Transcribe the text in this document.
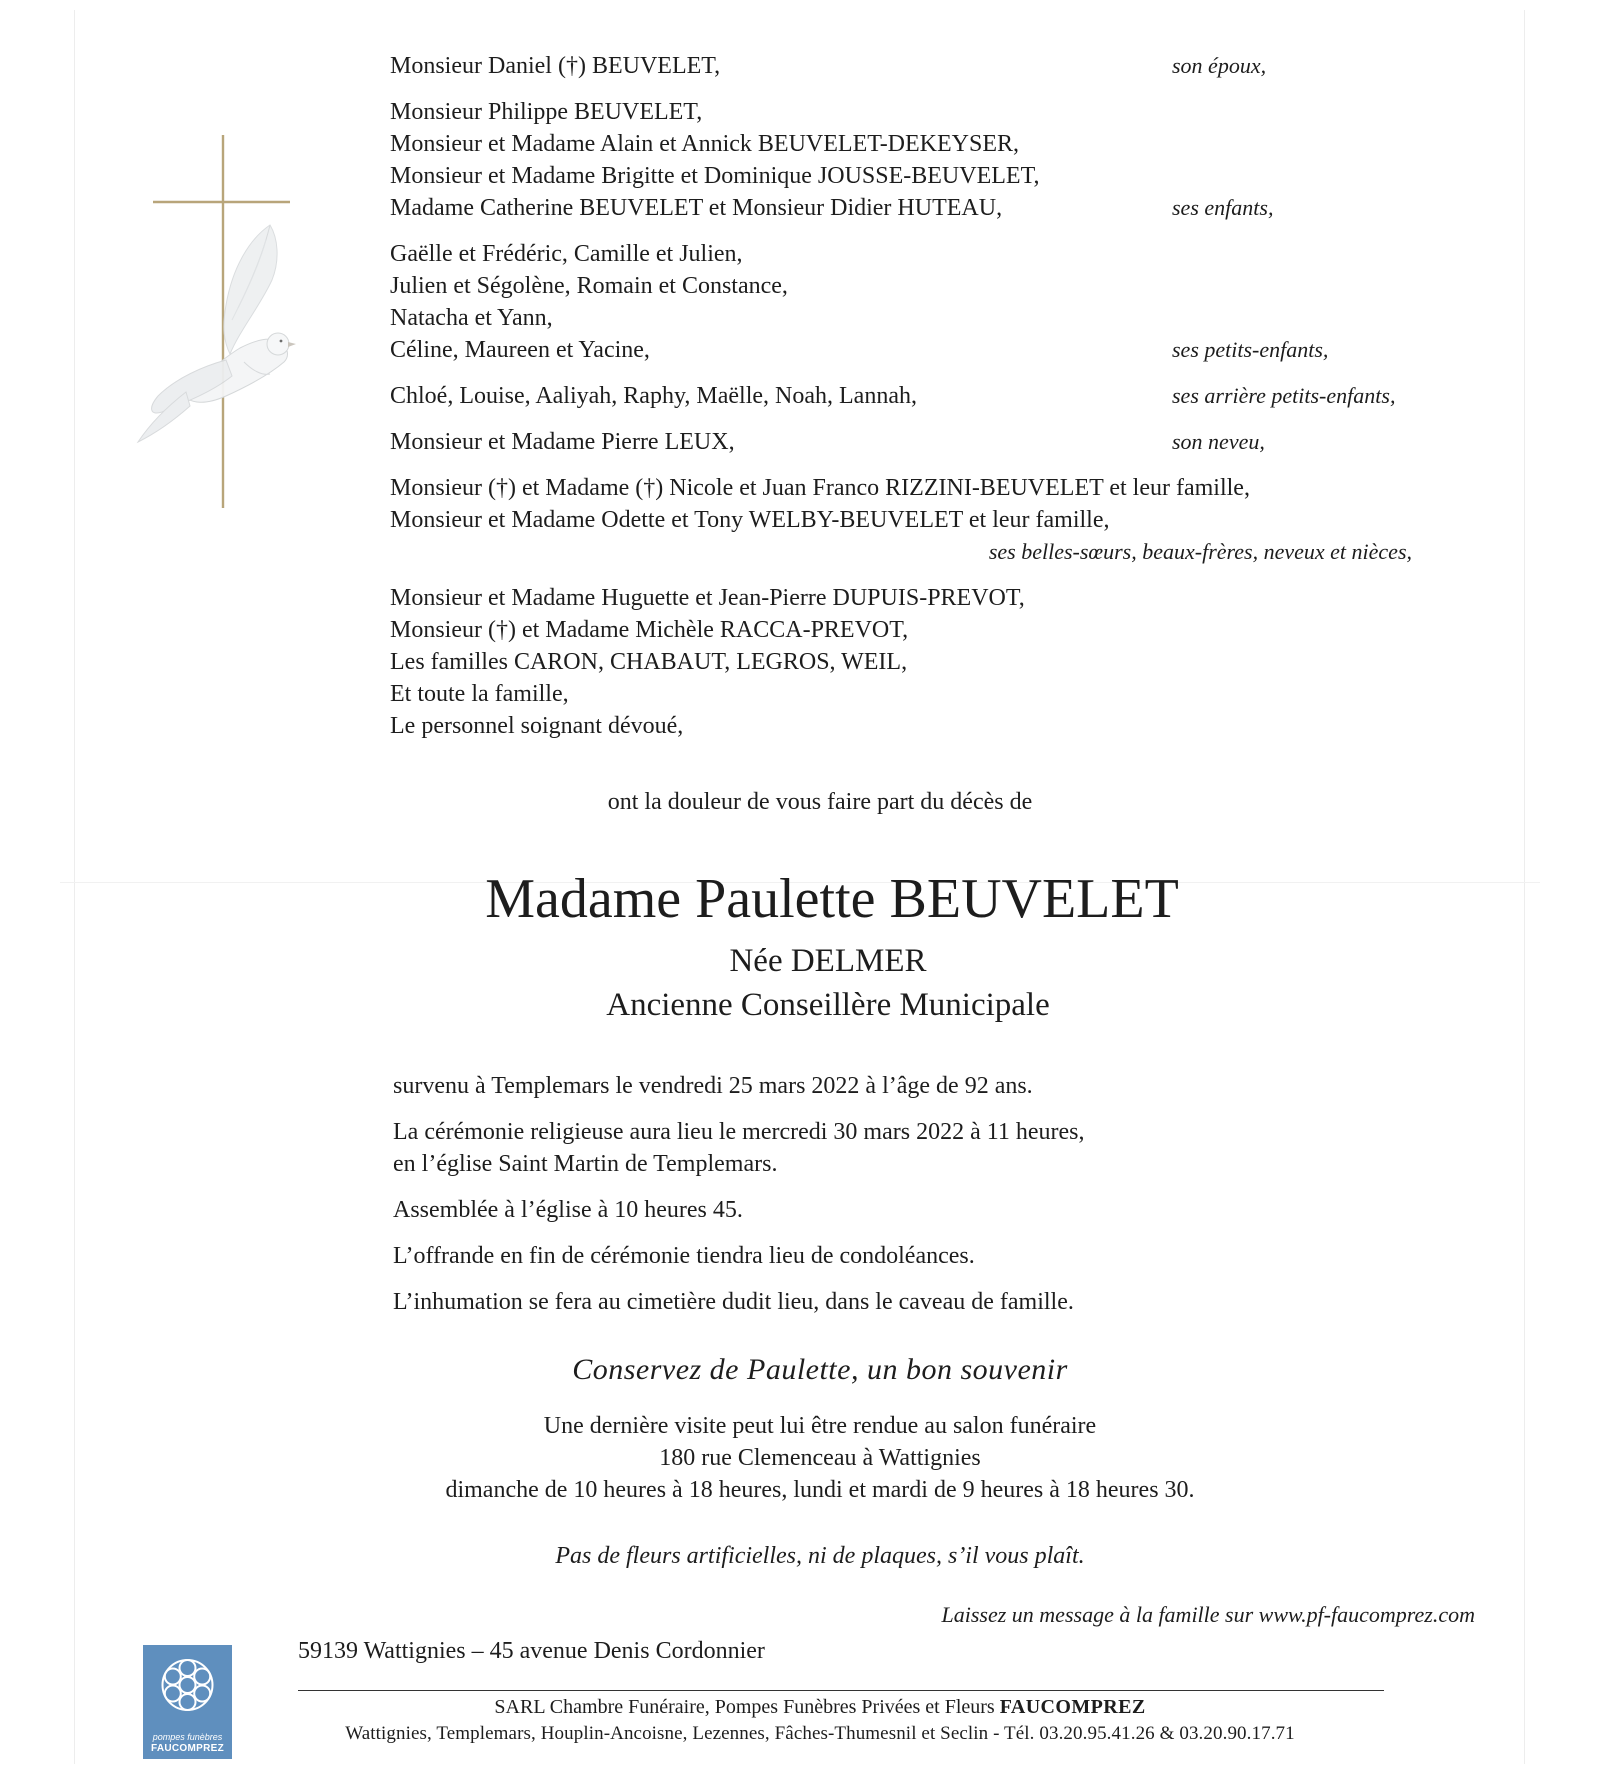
Monsieur Daniel (†) BEUVELET,	son époux,
Monsieur Philippe BEUVELET,
Monsieur et Madame Alain et Annick BEUVELET-DEKEYSER,
Monsieur et Madame Brigitte et Dominique JOUSSE-BEUVELET,
Madame Catherine BEUVELET et Monsieur Didier HUTEAU,	ses enfants,
Gaëlle et Frédéric, Camille et Julien,
Julien et Ségolène, Romain et Constance,
Natacha et Yann,
Céline, Maureen et Yacine,	ses petits-enfants,
Chloé, Louise, Aaliyah, Raphy, Maëlle, Noah, Lannah,	ses arrière petits-enfants,
Monsieur et Madame Pierre LEUX,	son neveu,
Monsieur (†) et Madame (†) Nicole et Juan Franco RIZZINI-BEUVELET et leur famille,
Monsieur et Madame Odette et Tony WELBY-BEUVELET et leur famille,
ses belles-sœurs, beaux-frères, neveux et nièces,
Monsieur et Madame Huguette et Jean-Pierre DUPUIS-PREVOT,
Monsieur (†) et Madame Michèle RACCA-PREVOT,
Les familles CARON, CHABAUT, LEGROS, WEIL,
Et toute la famille,
Le personnel soignant dévoué,
ont la douleur de vous faire part du décès de
Madame Paulette BEUVELET
Née DELMER
Ancienne Conseillère Municipale

survenu à Templemars le vendredi 25 mars 2022 à l’âge de 92 ans.

La cérémonie religieuse aura lieu le mercredi 30 mars 2022 à 11 heures,
en l’église Saint Martin de Templemars.

Assemblée à l’église à 10 heures 45.

L’offrande en fin de cérémonie tiendra lieu de condoléances.

L’inhumation se fera au cimetière dudit lieu, dans le caveau de famille.

Conservez de Paulette, un bon souvenir
Une dernière visite peut lui être rendue au salon funéraire
180 rue Clemenceau à Wattignies
dimanche de 10 heures à 18 heures, lundi et mardi de 9 heures à 18 heures 30.
Pas de fleurs artificielles, ni de plaques, s’il vous plaît.
Laissez un message à la famille sur www.pf-faucomprez.com
pompes funèbres
FAUCOMPREZ
59139 Wattignies – 45 avenue Denis Cordonnier
SARL Chambre Funéraire, Pompes Funèbres Privées et Fleurs FAUCOMPREZ
Wattignies, Templemars, Houplin-Ancoisne, Lezennes, Fâches-Thumesnil et Seclin - Tél. 03.20.95.41.26 & 03.20.90.17.71
